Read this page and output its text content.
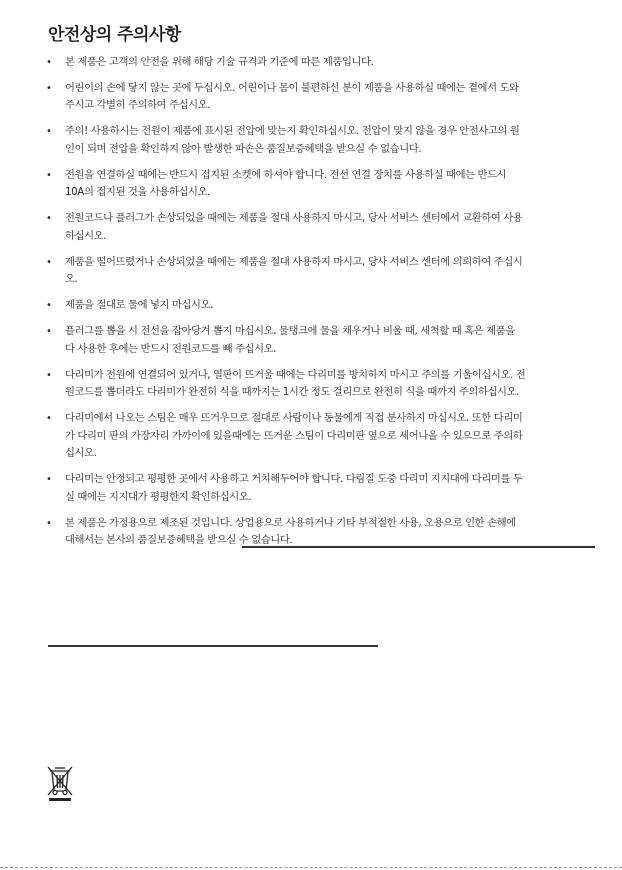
안전상의 주의사항
• 본 제품은 고객의 안전을 위해 해당 기술 규격과 기준에 따른 제품입니다.
• 어린이의 손에 닿지 않는 곳에 두십시오. 어린이나 몸이 불편하신 분이 제품을 사용하실 때에는 곁에서 도와주시고 각별히 주의하여 주십시오.
• 주의! 사용하시는 전원이 제품에 표시된 전압에 맞는지 확인하십시오. 전압이 맞지 않을 경우 안전사고의 원인이 되며 전압을 확인하지 않아 발생한 파손은 품질보증혜택을 받으실 수 없습니다.
• 전원을 연결하실 때에는 반드시 접지된 소켓에 하셔야 합니다. 전선 연결 장치를 사용하실 때에는 반드시 10A의 접지된 것을 사용하십시오.
• 전원코드나 플러그가 손상되었을 때에는 제품을 절대 사용하지 마시고, 당사 서비스 센터에서 교환하여 사용하십시오.
• 제품을 떨어뜨렸거나 손상되었을 때에는 제품을 절대 사용하지 마시고, 당사 서비스 센터에 의뢰하여 주십시오.
• 제품을 절대로 물에 넣지 마십시오.
• 플러그를 뽑을 시 전선을 잡아당겨 뽑지 마십시오. 물탱크에 물을 채우거나 비울 때, 세척할 때 혹은 제품을 다 사용한 후에는 반드시 전원코드를 빼 주십시오.
• 다리미가 전원에 연결되어 있거나, 열판이 뜨거울 때에는 다리미를 방치하지 마시고 주의를 기울이십시오. 전원코드를 뽑더라도 다리미가 완전히 식을 때까지는 1시간 정도 걸리므로 완전히 식을 때까지 주의하십시오.
• 다리미에서 나오는 스팀은 매우 뜨거우므로 절대로 사람이나 동물에게 직접 분사하지 마십시오. 또한 다리미가 다리미 판의 가장자리 가까이에 있을때에는 뜨거운 스팀이 다리미판 옆으로 세어나올 수 있으므로 주의하십시오.
• 다리미는 안정되고 평평한 곳에서 사용하고 거치해두어야 합니다. 다림질 도중 다리미 지지대에 다리미를 두실 때에는 지지대가 평평한지 확인하십시오.
• 본 제품은 가정용으로 제조된 것입니다. 상업용으로 사용하거나 기타 부적절한 사용, 오용으로 인한 손해에 대해서는 본사의 품질보증혜택을 받으실 수 없습니다.
